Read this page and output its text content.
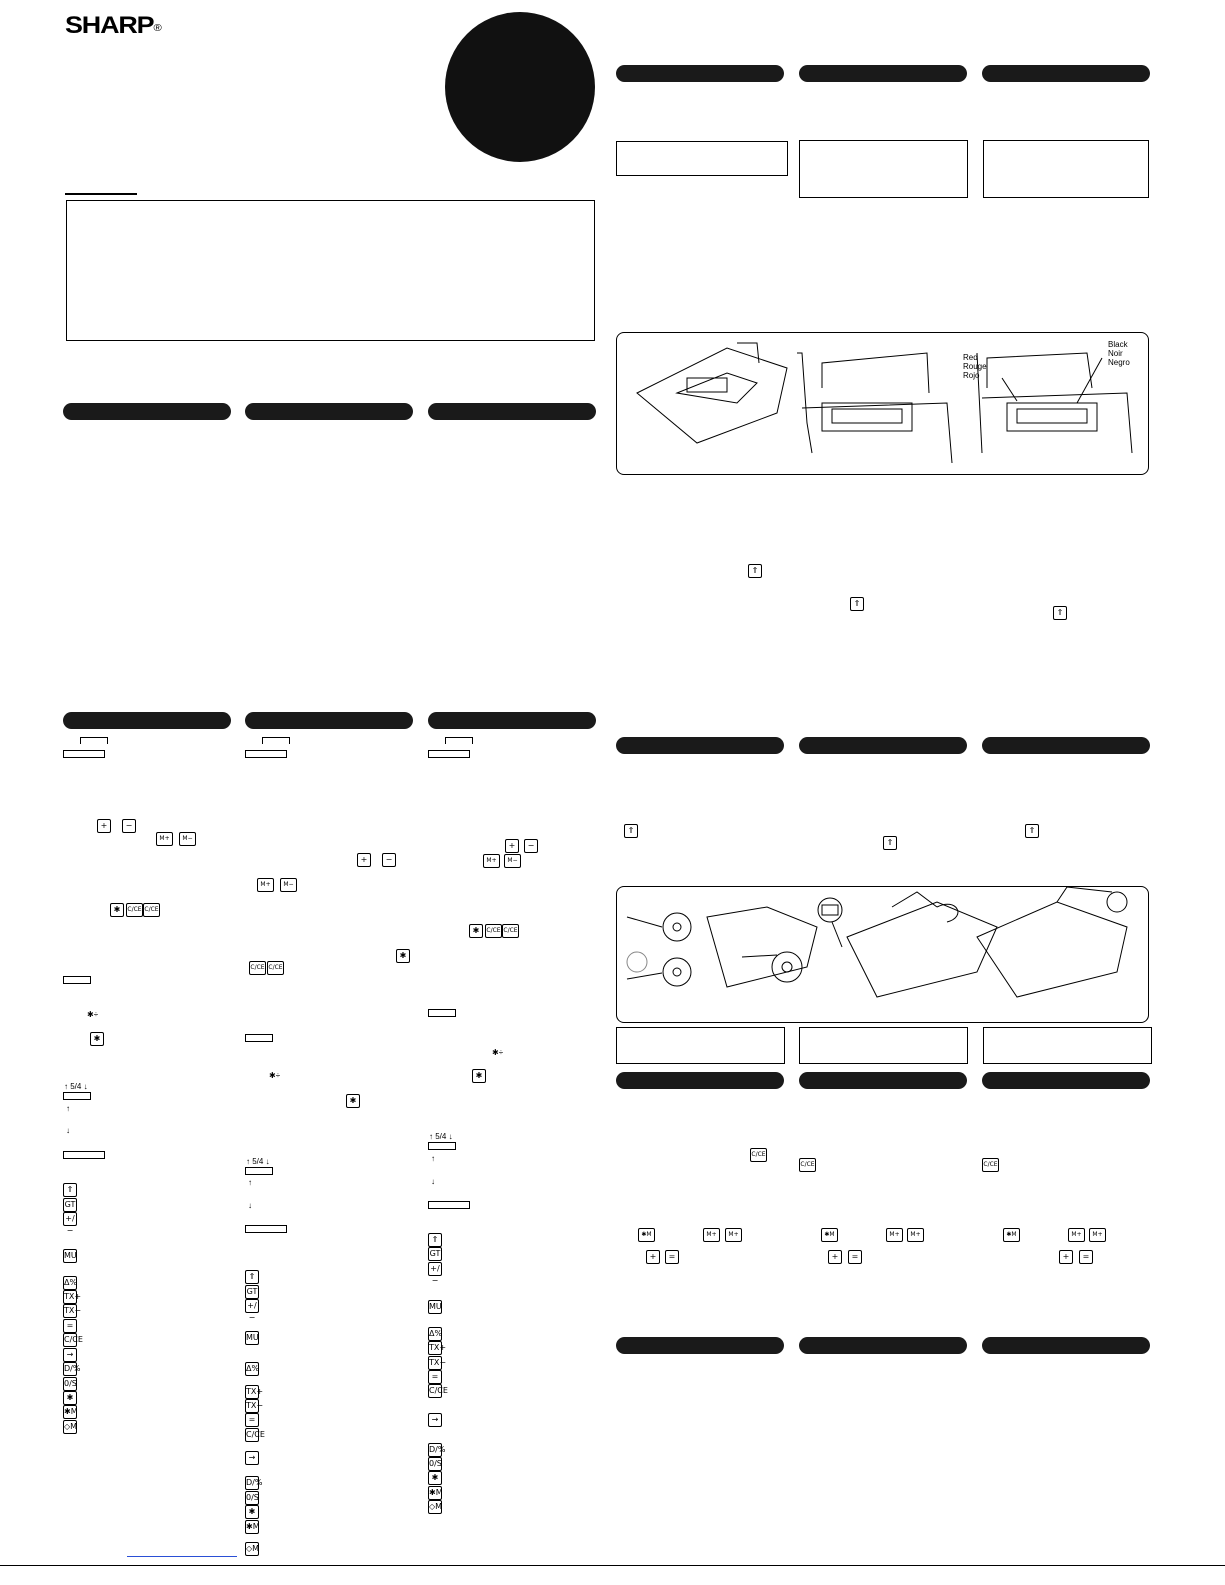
SHARP®
Red
Rouge
Rojo
Black
Noir
Negro
⇑
⇑
⇑
⇑
⇑
⇑
C/CE
C/CE	C/CE
✱M	M+	M+
+	=
✱M	M+	M+
+	=
✱M	M+	M+
+	=
+	−
M+	M−
✱	C/CE C/CE
✱÷
✱
↑ 5/4 ↓
↑
↓
⇑
GT
+/−
MU
Δ%
TX+
TX−
=
C/CE
→
D/%
0/S
✱
✱M
◇M
+	−
M+	M−
✱
C/CE C/CE
✱÷
✱
↑ 5/4 ↓
↑
↓
⇑
GT
+/−
MU
Δ%
TX+
TX−
=
C/CE
→
D/%
0/S
✱
✱M
◇M
+	−
M+	M−
✱	C/CE C/CE
✱÷
✱
↑ 5/4 ↓
↑
↓
⇑
GT
+/−
MU
Δ%
TX+
TX−
=
C/CE
→
D/%
0/S
✱
✱M
◇M
